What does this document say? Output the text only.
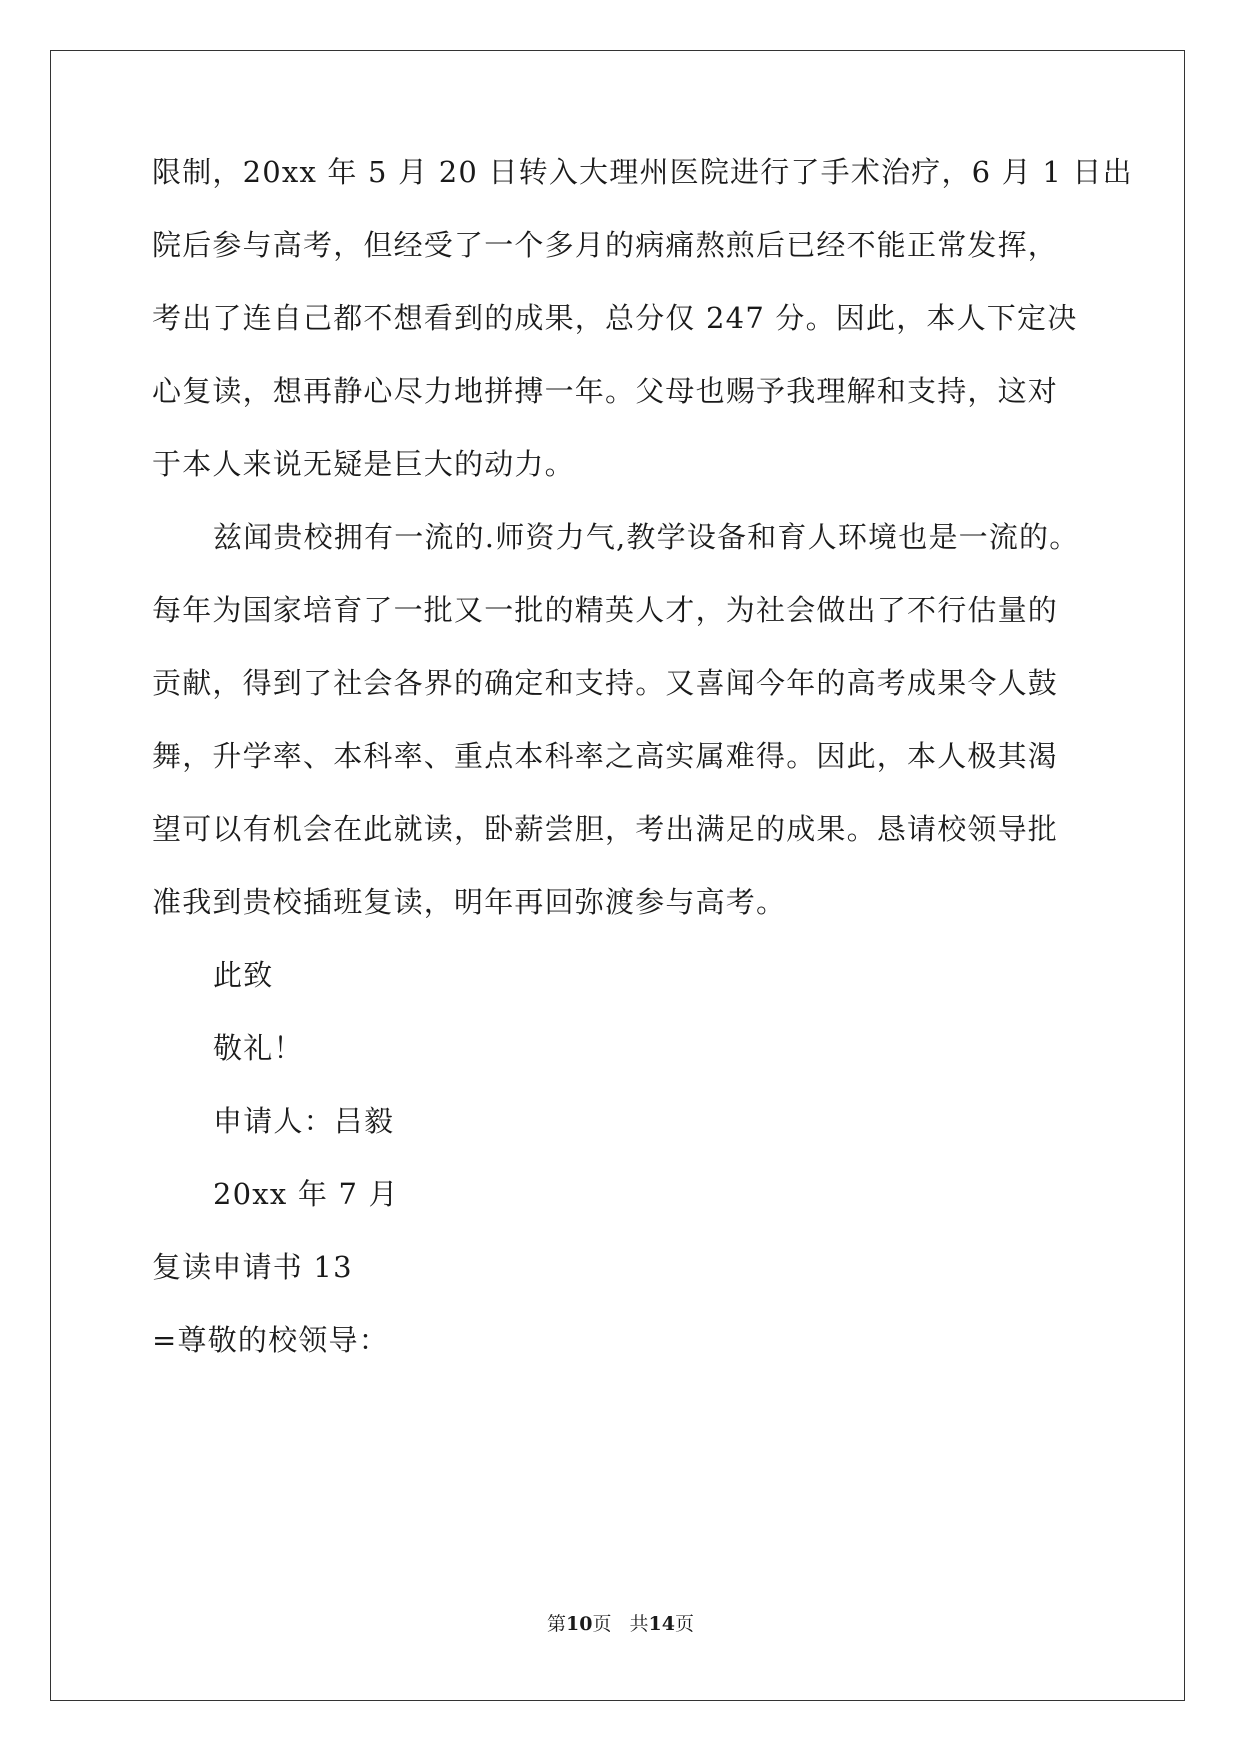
限制，20xx 年 5 月 20 日转入大理州医院进行了手术治疗，6 月 1 日出
院后参与高考，但经受了一个多月的病痛熬煎后已经不能正常发挥，
考出了连自己都不想看到的成果，总分仅 247 分。因此，本人下定决
心复读，想再静心尽力地拼搏一年。父母也赐予我理解和支持，这对
于本人来说无疑是巨大的动力。
兹闻贵校拥有一流的.师资力气,教学设备和育人环境也是一流的。
每年为国家培育了一批又一批的精英人才，为社会做出了不行估量的
贡献，得到了社会各界的确定和支持。又喜闻今年的高考成果令人鼓
舞，升学率、本科率、重点本科率之高实属难得。因此，本人极其渴
望可以有机会在此就读，卧薪尝胆，考出满足的成果。恳请校领导批
准我到贵校插班复读，明年再回弥渡参与高考。
此致
敬礼！
申请人：吕毅
20xx 年 7 月
复读申请书 13
=尊敬的校领导：
第10页 共14页
